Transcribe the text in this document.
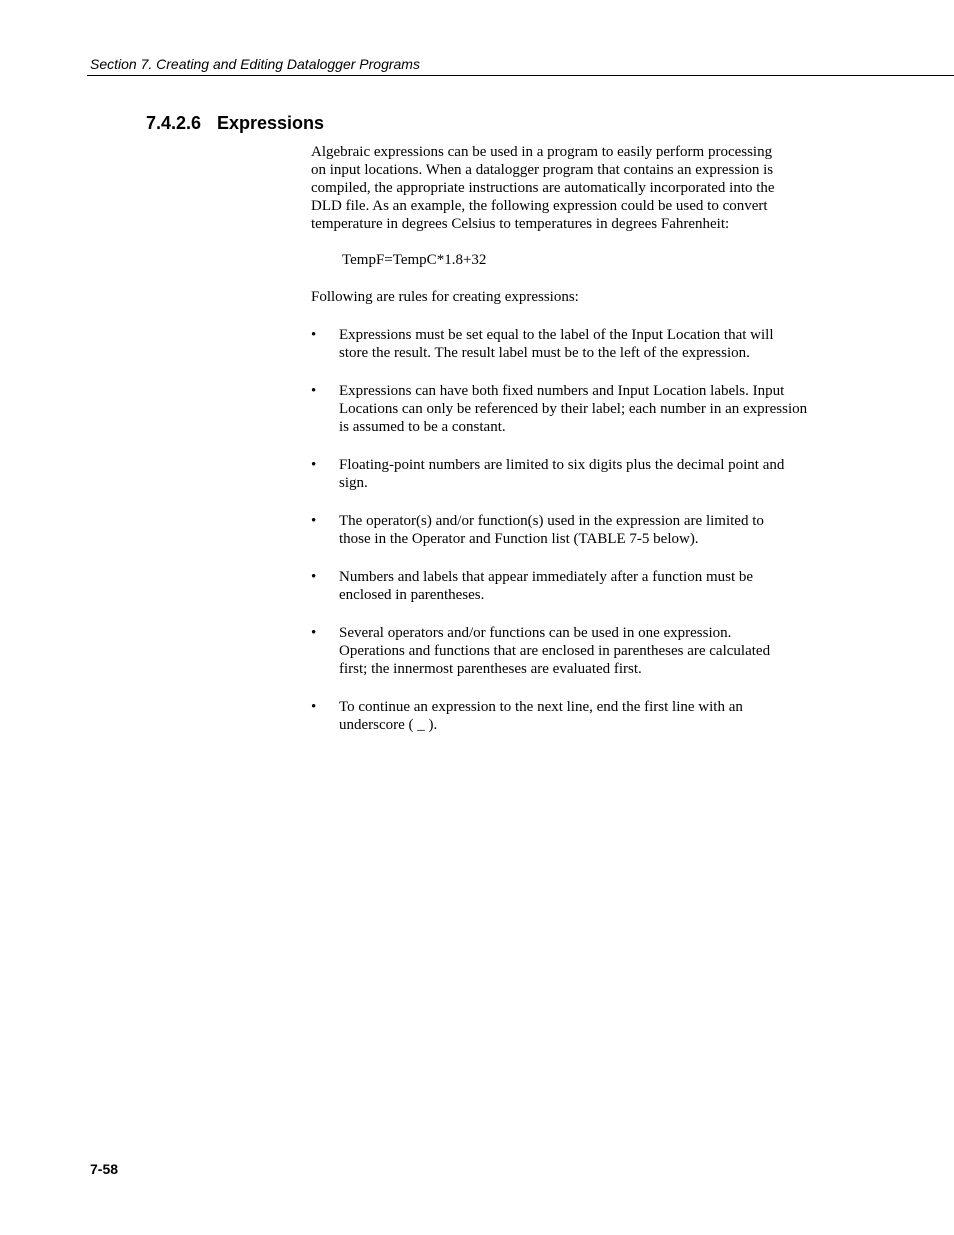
Section 7. Creating and Editing Datalogger Programs
7.4.2.6 Expressions

Algebraic expressions can be used in a program to easily perform processing
on input locations. When a datalogger program that contains an expression is
compiled, the appropriate instructions are automatically incorporated into the
DLD file. As an example, the following expression could be used to convert
temperature in degrees Celsius to temperatures in degrees Fahrenheit:

TempF=TempC*1.8+32

Following are rules for creating expressions:

•	Expressions must be set equal to the label of the Input Location that will
store the result. The result label must be to the left of the expression.
•	Expressions can have both fixed numbers and Input Location labels. Input
Locations can only be referenced by their label; each number in an expression
is assumed to be a constant.
•	Floating-point numbers are limited to six digits plus the decimal point and
sign.
•	The operator(s) and/or function(s) used in the expression are limited to
those in the Operator and Function list (TABLE 7-5 below).
•	Numbers and labels that appear immediately after a function must be
enclosed in parentheses.
•	Several operators and/or functions can be used in one expression.
Operations and functions that are enclosed in parentheses are calculated
first; the innermost parentheses are evaluated first.
•	To continue an expression to the next line, end the first line with an
underscore ( _ ).
7-58
